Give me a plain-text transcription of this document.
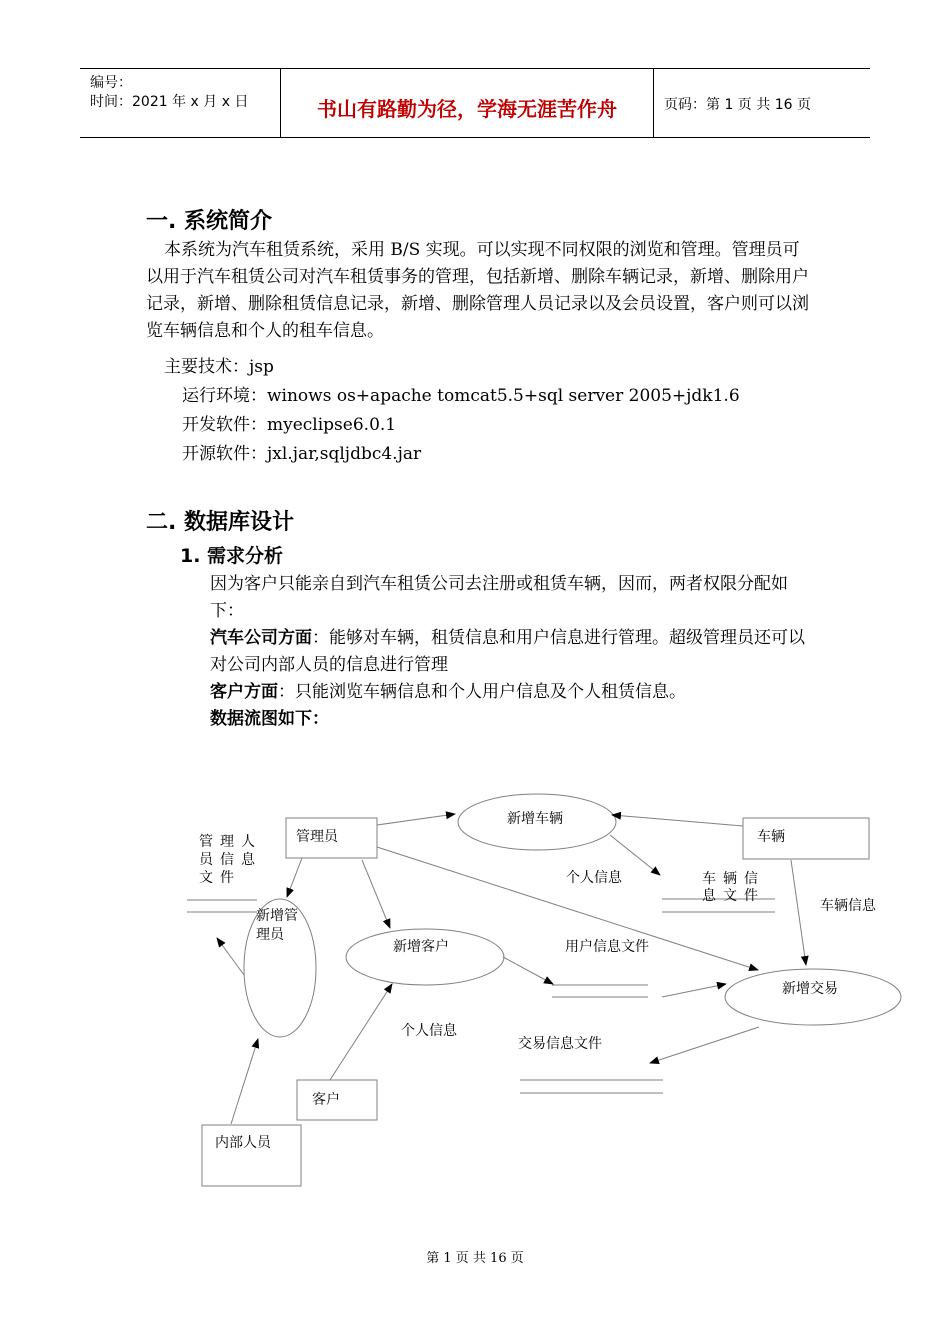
编号：
时间：2021 年 x 月 x 日	书山有路勤为径，学海无涯苦作舟	页码：第 1 页 共 16 页
一. 系统简介
本系统为汽车租赁系统，采用 B/S 实现。可以实现不同权限的浏览和管理。管理员可以用于汽车租赁公司对汽车租赁事务的管理，包括新增、删除车辆记录，新增、删除用户记录，新增、删除租赁信息记录，新增、删除管理人员记录以及会员设置，客户则可以浏览车辆信息和个人的租车信息。
主要技术：jsp
运行环境：winows os+apache tomcat5.5+sql server 2005+jdk1.6
开发软件：myeclipse6.0.1
开源软件：jxl.jar,sqljdbc4.jar
二. 数据库设计
1. 需求分析
因为客户只能亲自到汽车租赁公司去注册或租赁车辆，因而，两者权限分配如下：
汽车公司方面：能够对车辆，租赁信息和用户信息进行管理。超级管理员还可以对公司内部人员的信息进行管理
客户方面：只能浏览车辆信息和个人用户信息及个人租赁信息。
数据流图如下：
管理员	车辆
客户
内部人员
新增车辆
新增管理员
新增客户
新增交易
管理人员信息文件	车辆信息文件
用户信息文件
交易信息文件
个人信息
个人信息
车辆信息
第 1 页 共 16 页
